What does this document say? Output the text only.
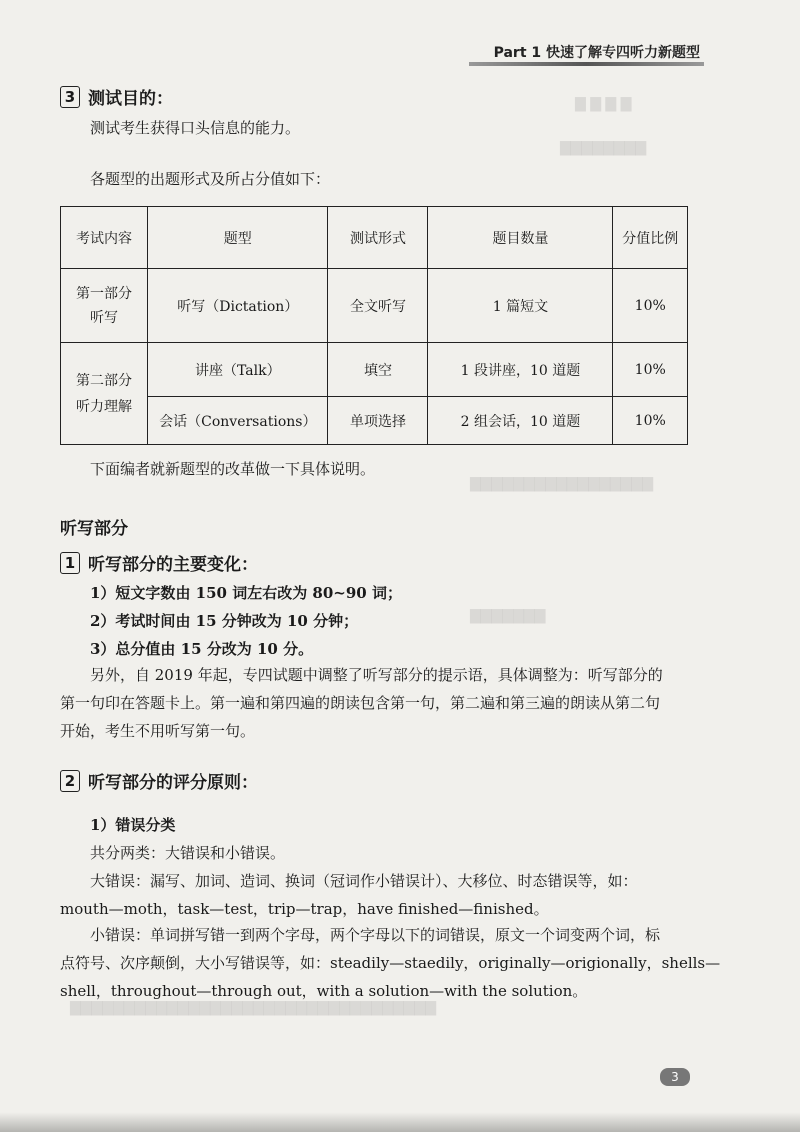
▇ ▇ ▇ ▇
▇▇▇▇▇▇▇▇
▇▇▇▇▇▇▇▇▇▇▇▇▇▇▇▇▇
▇▇▇▇▇▇▇
▇▇▇▇▇▇▇▇▇▇▇▇▇▇▇▇▇▇▇▇▇▇▇▇▇▇▇▇▇▇▇▇▇▇
Part 1 快速了解专四听力新题型
3 测试目的：
测试考生获得口头信息的能力。
各题型的出题形式及所占分值如下：
考试内容	题型	测试形式	题目数量	分值比例
第一部分
听写	听写（Dictation）	全文听写	1 篇短文	10%
第二部分
听力理解	讲座（Talk）	填空	1 段讲座，10 道题	10%
	会话（Conversations）	单项选择	2 组会话，10 道题	10%
下面编者就新题型的改革做一下具体说明。
听写部分
1 听写部分的主要变化：
1）短文字数由 150 词左右改为 80~90 词；
2）考试时间由 15 分钟改为 10 分钟；
3）总分值由 15 分改为 10 分。
另外，自 2019 年起，专四试题中调整了听写部分的提示语，具体调整为：听写部分的
第一句印在答题卡上。第一遍和第四遍的朗读包含第一句，第二遍和第三遍的朗读从第二句
开始，考生不用听写第一句。
2 听写部分的评分原则：
1）错误分类
共分两类：大错误和小错误。
大错误：漏写、加词、造词、换词（冠词作小错误计）、大移位、时态错误等，如：
mouth—moth，task—test，trip—trap，have finished—finished。
小错误：单词拼写错一到两个字母，两个字母以下的词错误，原文一个词变两个词，标
点符号、次序颠倒，大小写错误等，如：steadily—staedily，originally—origionally，shells—
shell，throughout—through out，with a solution—with the solution。
3
